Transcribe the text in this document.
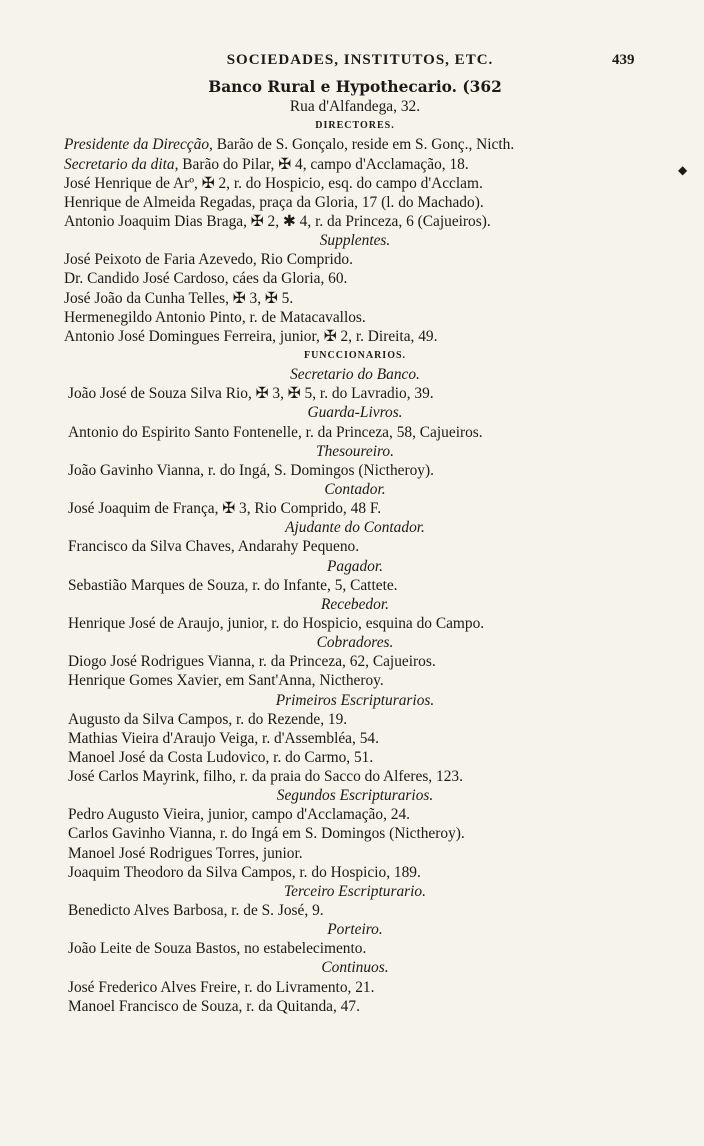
SOCIEDADES, INSTITUTOS, ETC.	439
◆
Banco Rural e Hypothecario. (362
Rua d'Alfandega, 32.
DIRECTORES.
Presidente da Direcção, Barão de S. Gonçalo, reside em S. Gonç., Nicth.
Secretario da dita, Barão do Pilar, ✠ 4, campo d'Acclamação, 18.
José Henrique de Arº, ✠ 2, r. do Hospicio, esq. do campo d'Acclam.
Henrique de Almeida Regadas, praça da Gloria, 17 (l. do Machado).
Antonio Joaquim Dias Braga, ✠ 2, ✱ 4, r. da Princeza, 6 (Cajueiros).
Supplentes.
José Peixoto de Faria Azevedo, Rio Comprido.
Dr. Candido José Cardoso, cáes da Gloria, 60.
José João da Cunha Telles, ✠ 3, ✠ 5.
Hermenegildo Antonio Pinto, r. de Matacavallos.
Antonio José Domingues Ferreira, junior, ✠ 2, r. Direita, 49.
FUNCCIONARIOS.
Secretario do Banco.
João José de Souza Silva Rio, ✠ 3, ✠ 5, r. do Lavradio, 39.
Guarda-Livros.
Antonio do Espirito Santo Fontenelle, r. da Princeza, 58, Cajueiros.
Thesoureiro.
João Gavinho Vianna, r. do Ingá, S. Domingos (Nictheroy).
Contador.
José Joaquim de França, ✠ 3, Rio Comprido, 48 F.
Ajudante do Contador.
Francisco da Silva Chaves, Andarahy Pequeno.
Pagador.
Sebastião Marques de Souza, r. do Infante, 5, Cattete.
Recebedor.
Henrique José de Araujo, junior, r. do Hospicio, esquina do Campo.
Cobradores.
Diogo José Rodrigues Vianna, r. da Princeza, 62, Cajueiros.
Henrique Gomes Xavier, em Sant'Anna, Nictheroy.
Primeiros Escripturarios.
Augusto da Silva Campos, r. do Rezende, 19.
Mathias Vieira d'Araujo Veiga, r. d'Assembléa, 54.
Manoel José da Costa Ludovico, r. do Carmo, 51.
José Carlos Mayrink, filho, r. da praia do Sacco do Alferes, 123.
Segundos Escripturarios.
Pedro Augusto Vieira, junior, campo d'Acclamação, 24.
Carlos Gavinho Vianna, r. do Ingá em S. Domingos (Nictheroy).
Manoel José Rodrigues Torres, junior.
Joaquim Theodoro da Silva Campos, r. do Hospicio, 189.
Terceiro Escripturario.
Benedicto Alves Barbosa, r. de S. José, 9.
Porteiro.
João Leite de Souza Bastos, no estabelecimento.
Continuos.
José Frederico Alves Freire, r. do Livramento, 21.
Manoel Francisco de Souza, r. da Quitanda, 47.
